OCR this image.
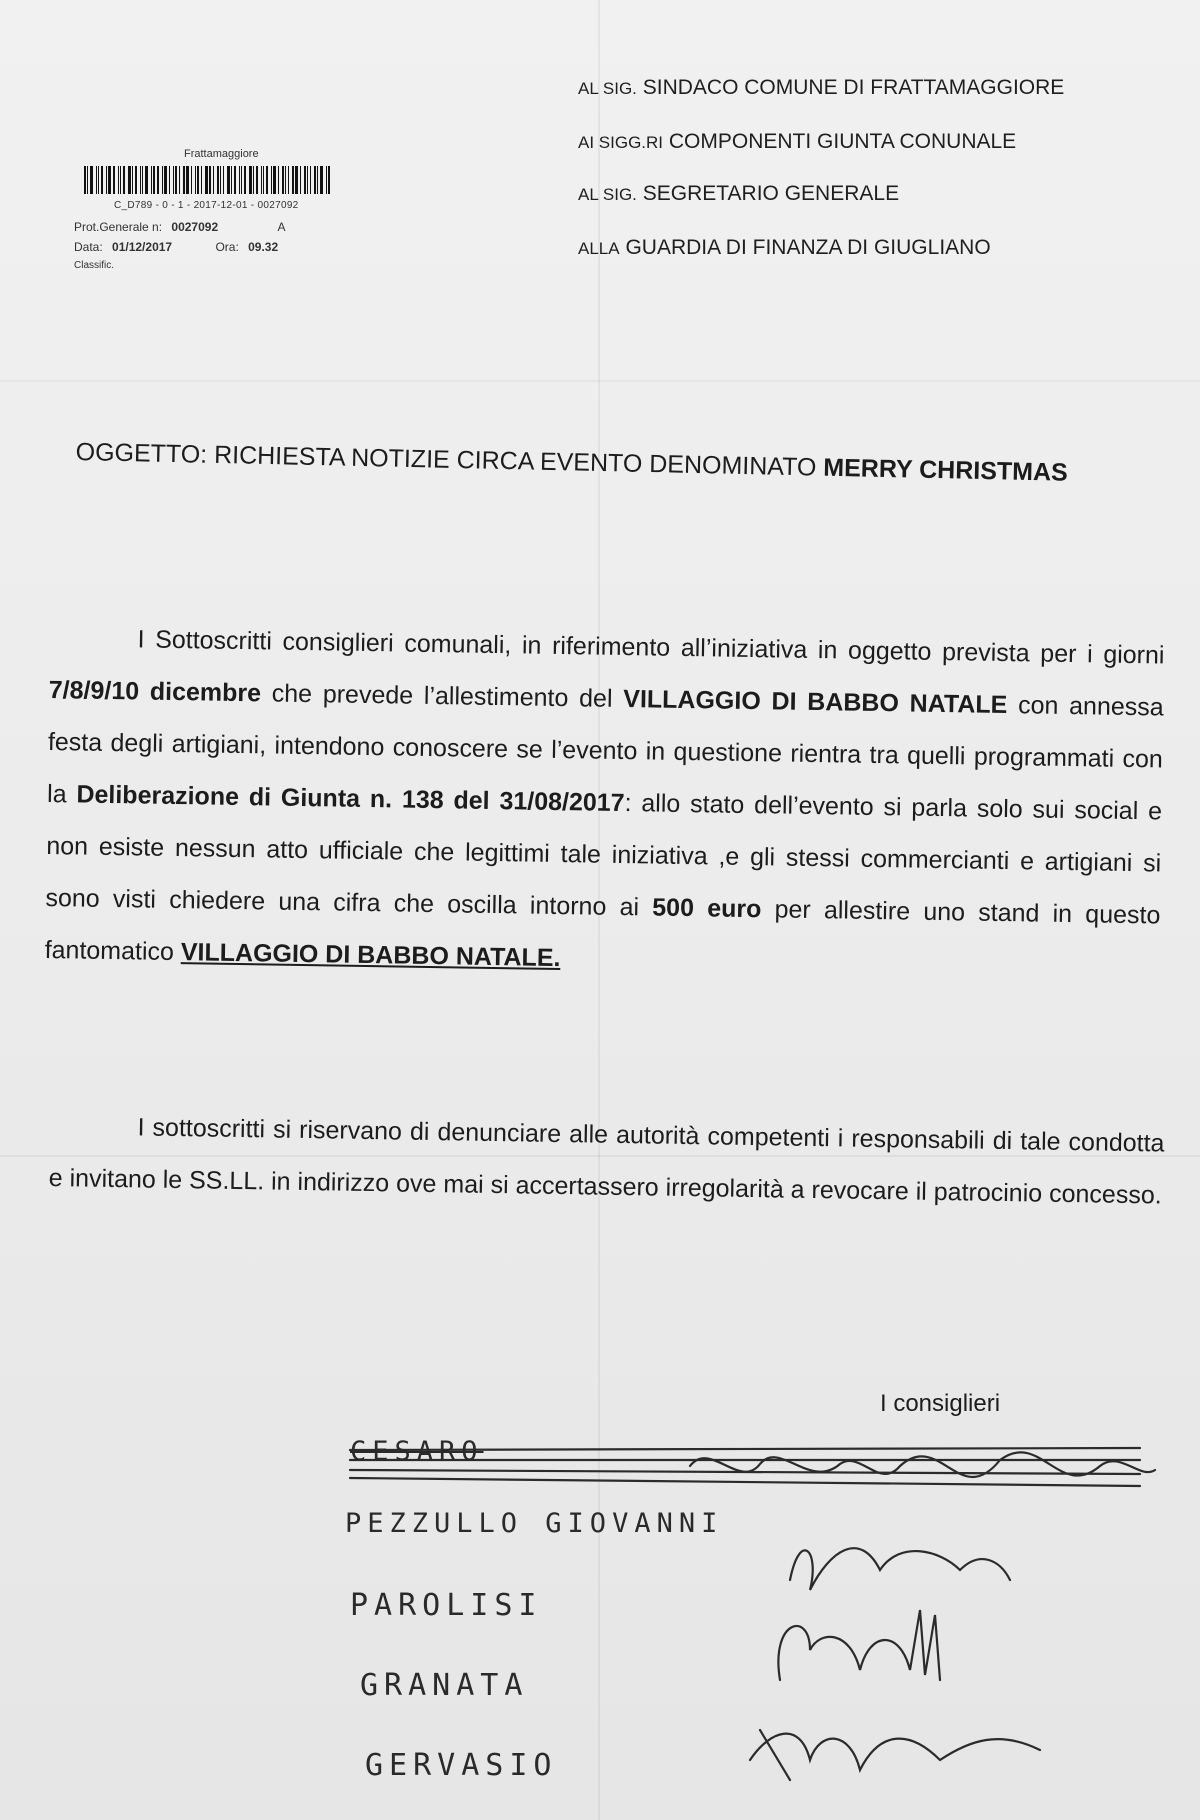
Frattamaggiore
C_D789 - 0 - 1 - 2017-12-01 - 0027092
Prot.Generale n: 0027092	A
Data: 01/12/2017	Ora: 09.32
Classific.
AL SIG. SINDACO COMUNE DI FRATTAMAGGIORE
AI SIGG.RI COMPONENTI GIUNTA CONUNALE
AL SIG. SEGRETARIO GENERALE
ALLA GUARDIA DI FINANZA DI GIUGLIANO
OGGETTO: RICHIESTA NOTIZIE CIRCA EVENTO DENOMINATO MERRY CHRISTMAS

I Sottoscritti consiglieri comunali, in riferimento all’iniziativa in oggetto prevista per i giorni 7/8/9/10 dicembre che prevede l’allestimento del VILLAGGIO DI BABBO NATALE con annessa festa degli artigiani, intendono conoscere se l’evento in questione rientra tra quelli programmati con la Deliberazione di Giunta n. 138 del 31/08/2017: allo stato dell’evento si parla solo sui social e non esiste nessun atto ufficiale che legittimi tale iniziativa ,e gli stessi commercianti e artigiani si sono visti chiedere una cifra che oscilla intorno ai 500 euro per allestire uno stand in questo fantomatico VILLAGGIO DI BABBO NATALE.

I sottoscritti si riservano di denunciare alle autorità competenti i responsabili di tale condotta e invitano le SS.LL. in indirizzo ove mai si accertassero irregolarità a revocare il patrocinio concesso.

I consiglieri
CESARO
PEZZULLO GIOVANNI
PAROLISI
GRANATA
GERVASIO
